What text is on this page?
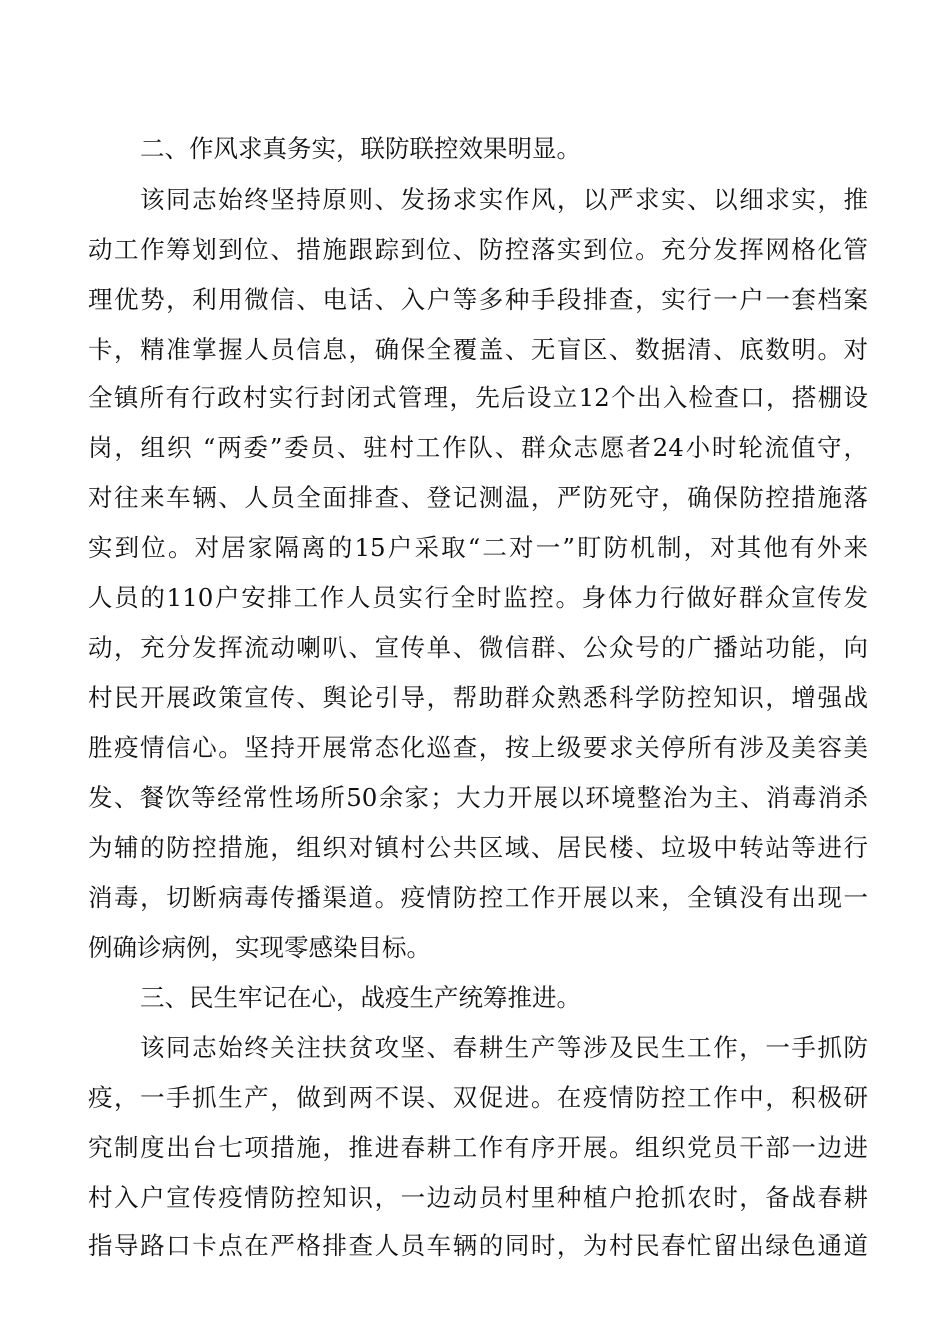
二、作风求真务实，联防联控效果明显。
该同志始终坚持原则、发扬求实作风，以严求实、以细求实，推
动工作筹划到位、措施跟踪到位、防控落实到位。充分发挥网格化管
理优势，利用微信、电话、入户等多种手段排查，实行一户一套档案
卡，精准掌握人员信息，确保全覆盖、无盲区、数据清、底数明。对
全镇所有行政村实行封闭式管理，先后设立12个出入检查口，搭棚设
岗，组织 “两委”委员、驻村工作队、群众志愿者24小时轮流值守，
对往来车辆、人员全面排查、登记测温，严防死守，确保防控措施落
实到位。对居家隔离的15户采取“二对一”盯防机制，对其他有外来
人员的110户安排工作人员实行全时监控。身体力行做好群众宣传发
动，充分发挥流动喇叭、宣传单、微信群、公众号的广播站功能，向
村民开展政策宣传、舆论引导，帮助群众熟悉科学防控知识，增强战
胜疫情信心。坚持开展常态化巡查，按上级要求关停所有涉及美容美
发、餐饮等经常性场所50余家；大力开展以环境整治为主、消毒消杀
为辅的防控措施，组织对镇村公共区域、居民楼、垃圾中转站等进行
消毒，切断病毒传播渠道。疫情防控工作开展以来，全镇没有出现一
例确诊病例，实现零感染目标。
三、民生牢记在心，战疫生产统筹推进。
该同志始终关注扶贫攻坚、春耕生产等涉及民生工作，一手抓防
疫，一手抓生产，做到两不误、双促进。在疫情防控工作中，积极研
究制度出台七项措施，推进春耕工作有序开展。组织党员干部一边进
村入户宣传疫情防控知识，一边动员村里种植户抢抓农时，备战春耕
指导路口卡点在严格排查人员车辆的同时，为村民春忙留出绿色通道
